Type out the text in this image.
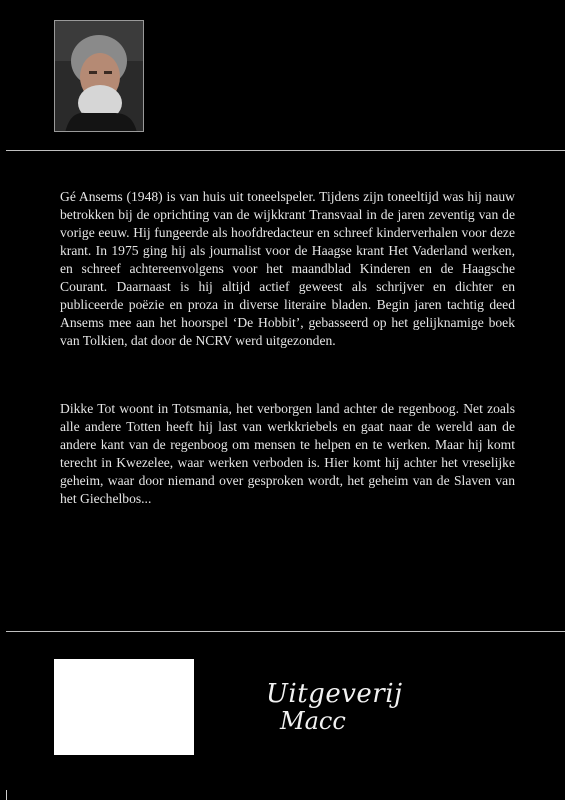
Gé Ansems (1948) is van huis uit toneelspeler. Tijdens zijn toneeltijd was hij nauw betrokken bij de oprichting van de wijkkrant Transvaal in de jaren zeventig van de vorige eeuw. Hij fungeerde als hoofdredacteur en schreef kinderverhalen voor deze krant. In 1975 ging hij als journalist voor de Haagse krant Het Vaderland werken, en schreef achtereenvolgens voor het maandblad Kinderen en de Haagsche Courant. Daarnaast is hij altijd actief geweest als schrijver en dichter en publiceerde poëzie en proza in diverse literaire bladen. Begin jaren tachtig deed Ansems mee aan het hoorspel ‘De Hobbit’, gebasseerd op het gelijknamige boek van Tolkien, dat door de NCRV werd uitgezonden.
Dikke Tot woont in Totsmania, het verborgen land achter de regenboog. Net zoals alle andere Totten heeft hij last van werkkriebels en gaat naar de wereld aan de andere kant van de regenboog om mensen te helpen en te werken. Maar hij komt terecht in Kwezelee, waar werken verboden is. Hier komt hij achter het vreselijke geheim, waar door niemand over gesproken wordt, het geheim van de Slaven van het Giechelbos...
Uitgeverij
Macc
